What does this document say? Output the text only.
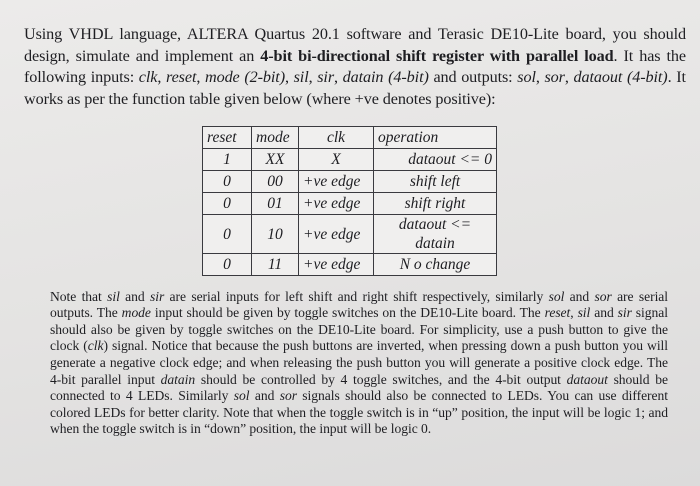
Using VHDL language, ALTERA Quartus 20.1 software and Terasic DE10-Lite board, you should design, simulate and implement an 4-bit bi-directional shift register with parallel load. It has the following inputs: clk, reset, mode (2-bit), sil, sir, datain (4-bit) and outputs: sol, sor, dataout (4-bit). It works as per the function table given below (where +ve denotes positive):

reset	mode	clk	operation
1	XX	X	dataout <= 0
0	00	+ve edge	shift left
0	01	+ve edge	shift right
0	10	+ve edge	dataout <= datain
0	11	+ve edge	N o change

Note that sil and sir are serial inputs for left shift and right shift respectively, similarly sol and sor are serial outputs. The mode input should be given by toggle switches on the DE10-Lite board. The reset, sil and sir signal should also be given by toggle switches on the DE10-Lite board. For simplicity, use a push button to give the clock (clk) signal. Notice that because the push buttons are inverted, when pressing down a push button you will generate a negative clock edge; and when releasing the push button you will generate a positive clock edge. The 4-bit parallel input datain should be controlled by 4 toggle switches, and the 4-bit output dataout should be connected to 4 LEDs. Similarly sol and sor signals should also be connected to LEDs. You can use different colored LEDs for better clarity. Note that when the toggle switch is in “up” position, the input will be logic 1; and when the toggle switch is in “down” position, the input will be logic 0.
